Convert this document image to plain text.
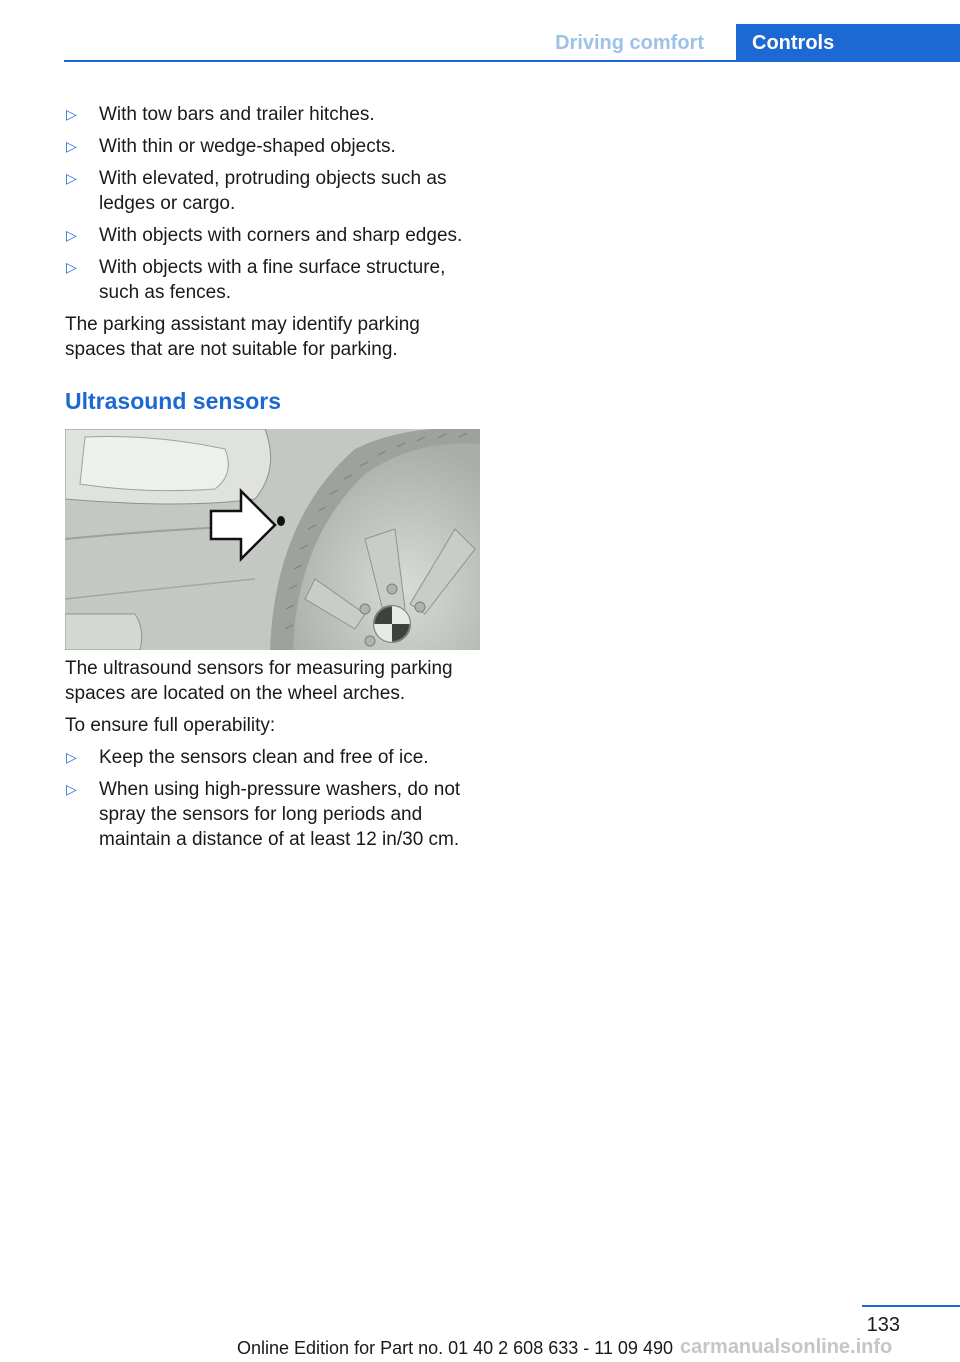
Driving comfort	Controls
▷ With tow bars and trailer hitches.
▷ With thin or wedge-shaped objects.
▷ With elevated, protruding objects such as ledges or cargo.
▷ With objects with corners and sharp edges.
▷ With objects with a fine surface structure, such as fences.

The parking assistant may identify parking spaces that are not suitable for parking.

Ultrasound sensors

The ultrasound sensors for measuring parking spaces are located on the wheel arches.

To ensure full operability:

▷ Keep the sensors clean and free of ice.
▷ When using high-pressure washers, do not spray the sensors for long periods and maintain a distance of at least 12 in/30 cm.
133
Online Edition for Part no. 01 40 2 608 633 - 11 09 490 carmanualsonline.info
